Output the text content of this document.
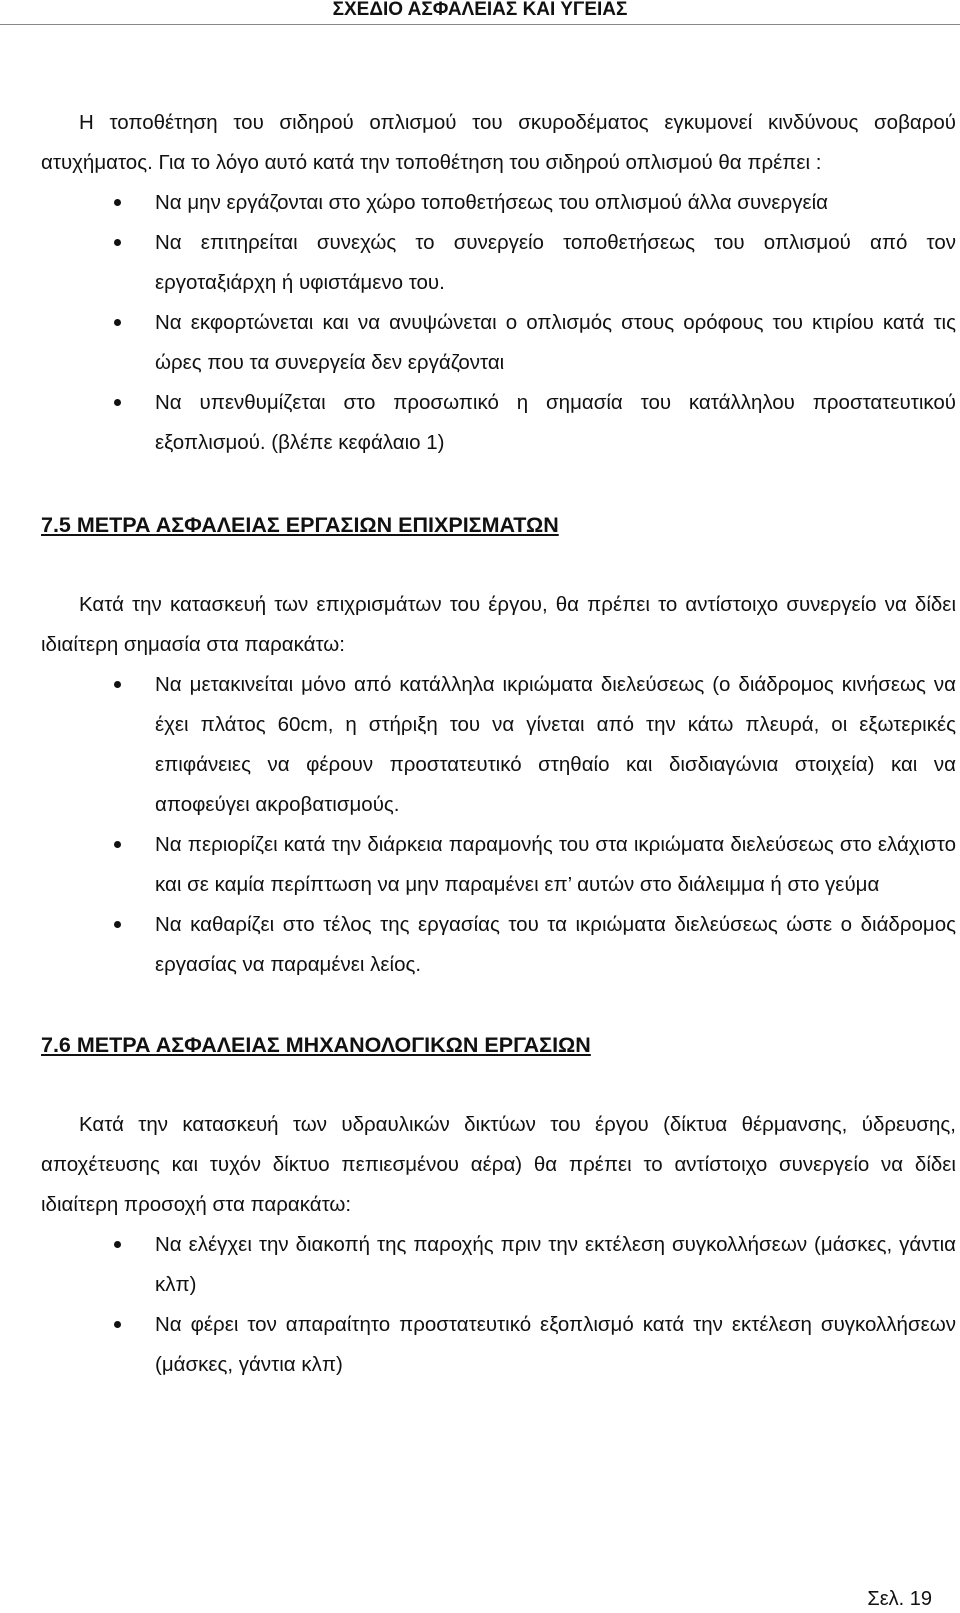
ΣΧΕΔΙΟ ΑΣΦΑΛΕΙΑΣ ΚΑΙ ΥΓΕΙΑΣ

Η τοποθέτηση του σιδηρού οπλισμού του σκυροδέματος εγκυμονεί κινδύνους σοβαρού ατυχήματος. Για το λόγο αυτό κατά την τοποθέτηση του σιδηρού οπλισμού θα πρέπει :

Να μην εργάζονται στο χώρο τοποθετήσεως του οπλισμού άλλα συνεργεία
Να επιτηρείται συνεχώς το συνεργείο τοποθετήσεως του οπλισμού από τον εργοταξιάρχη ή υφιστάμενο του.
Να εκφορτώνεται και να ανυψώνεται ο οπλισμός στους ορόφους του κτιρίου κατά τις ώρες που τα συνεργεία δεν εργάζονται
Να υπενθυμίζεται στο προσωπικό η σημασία του κατάλληλου προστατευτικού εξοπλισμού. (βλέπε κεφάλαιο 1)
7.5 ΜΕΤΡΑ ΑΣΦΑΛΕΙΑΣ ΕΡΓΑΣΙΩΝ ΕΠΙΧΡΙΣΜΑΤΩΝ

Κατά την κατασκευή των επιχρισμάτων του έργου, θα πρέπει το αντίστοιχο συνεργείο να δίδει ιδιαίτερη σημασία στα παρακάτω:

Να μετακινείται μόνο από κατάλληλα ικριώματα διελεύσεως (ο διάδρομος κινήσεως να έχει πλάτος 60cm, η στήριξη του να γίνεται από την κάτω πλευρά, οι εξωτερικές επιφάνειες να φέρουν προστατευτικό στηθαίο και δισδιαγώνια στοιχεία) και να αποφεύγει ακροβατισμούς.
Να περιορίζει κατά την διάρκεια παραμονής του στα ικριώματα διελεύσεως στο ελάχιστο και σε καμία περίπτωση να μην παραμένει επ’ αυτών στο διάλειμμα ή στο γεύμα
Να καθαρίζει στο τέλος της εργασίας του τα ικριώματα διελεύσεως ώστε ο διάδρομος εργασίας να παραμένει λείος.
7.6 ΜΕΤΡΑ ΑΣΦΑΛΕΙΑΣ ΜΗΧΑΝΟΛΟΓΙΚΩΝ ΕΡΓΑΣΙΩΝ

Κατά την κατασκευή των υδραυλικών δικτύων του έργου (δίκτυα θέρμανσης, ύδρευσης, αποχέτευσης και τυχόν δίκτυο πεπιεσμένου αέρα) θα πρέπει το αντίστοιχο συνεργείο να δίδει ιδιαίτερη προσοχή στα παρακάτω:

Να ελέγχει την διακοπή της παροχής πριν την εκτέλεση συγκολλήσεων (μάσκες, γάντια κλπ)
Να φέρει τον απαραίτητο προστατευτικό εξοπλισμό κατά την εκτέλεση συγκολλήσεων (μάσκες, γάντια κλπ)
Σελ. 19
